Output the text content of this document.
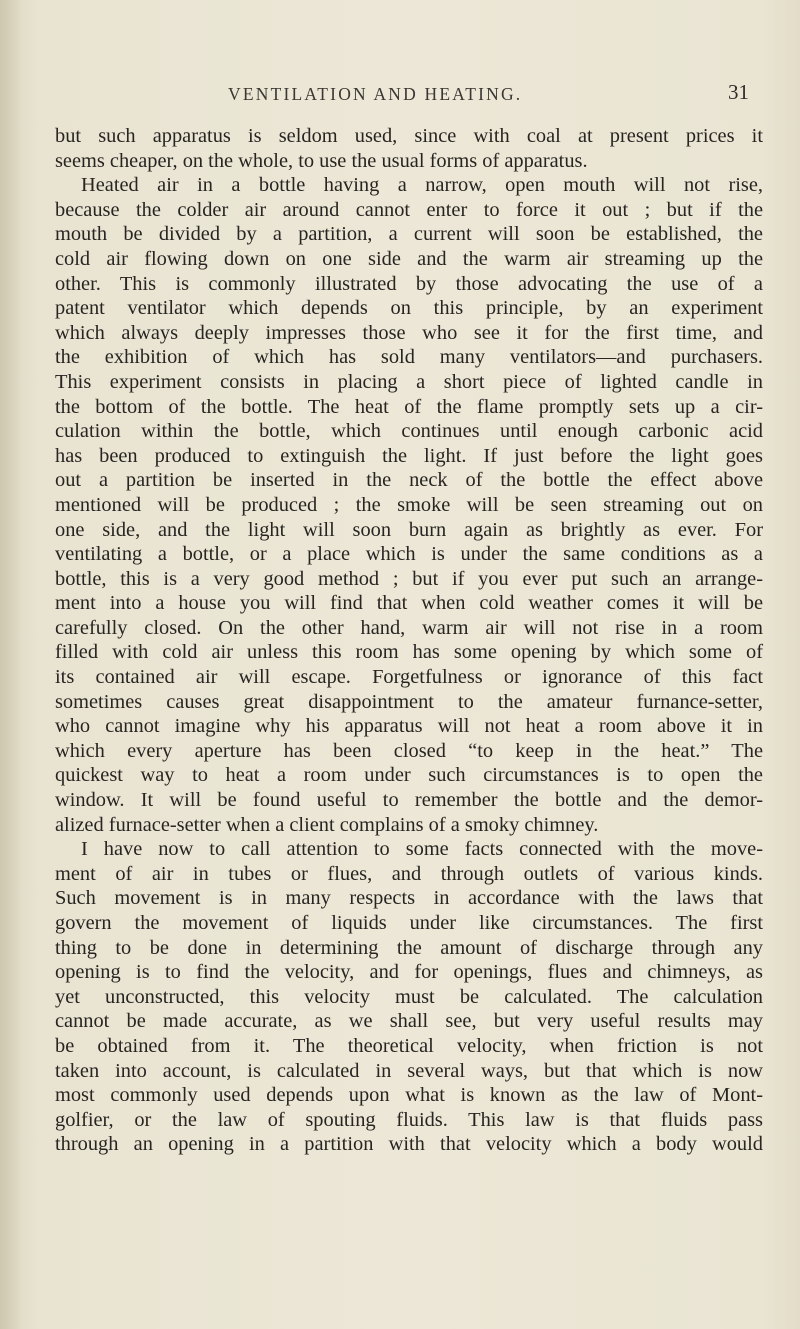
VENTILATION AND HEATING.	31
but such apparatus is seldom used, since with coal at present prices it
seems cheaper, on the whole, to use the usual forms of apparatus.
Heated air in a bottle having a narrow, open mouth will not rise,
because the colder air around cannot enter to force it out ; but if the
mouth be divided by a partition, a current will soon be established, the
cold air flowing down on one side and the warm air streaming up the
other. This is commonly illustrated by those advocating the use of a
patent ventilator which depends on this principle, by an experiment
which always deeply impresses those who see it for the first time, and
the exhibition of which has sold many ventilators—and purchasers.
This experiment consists in placing a short piece of lighted candle in
the bottom of the bottle. The heat of the flame promptly sets up a cir-
culation within the bottle, which continues until enough carbonic acid
has been produced to extinguish the light. If just before the light goes
out a partition be inserted in the neck of the bottle the effect above
mentioned will be produced ; the smoke will be seen streaming out on
one side, and the light will soon burn again as brightly as ever. For
ventilating a bottle, or a place which is under the same conditions as a
bottle, this is a very good method ; but if you ever put such an arrange-
ment into a house you will find that when cold weather comes it will be
carefully closed. On the other hand, warm air will not rise in a room
filled with cold air unless this room has some opening by which some of
its contained air will escape. Forgetfulness or ignorance of this fact
sometimes causes great disappointment to the amateur furnance-setter,
who cannot imagine why his apparatus will not heat a room above it in
which every aperture has been closed “to keep in the heat.” The
quickest way to heat a room under such circumstances is to open the
window. It will be found useful to remember the bottle and the demor-
alized furnace-setter when a client complains of a smoky chimney.
I have now to call attention to some facts connected with the move-
ment of air in tubes or flues, and through outlets of various kinds.
Such movement is in many respects in accordance with the laws that
govern the movement of liquids under like circumstances. The first
thing to be done in determining the amount of discharge through any
opening is to find the velocity, and for openings, flues and chimneys, as
yet unconstructed, this velocity must be calculated. The calculation
cannot be made accurate, as we shall see, but very useful results may
be obtained from it. The theoretical velocity, when friction is not
taken into account, is calculated in several ways, but that which is now
most commonly used depends upon what is known as the law of Mont-
golfier, or the law of spouting fluids. This law is that fluids pass
through an opening in a partition with that velocity which a body would
